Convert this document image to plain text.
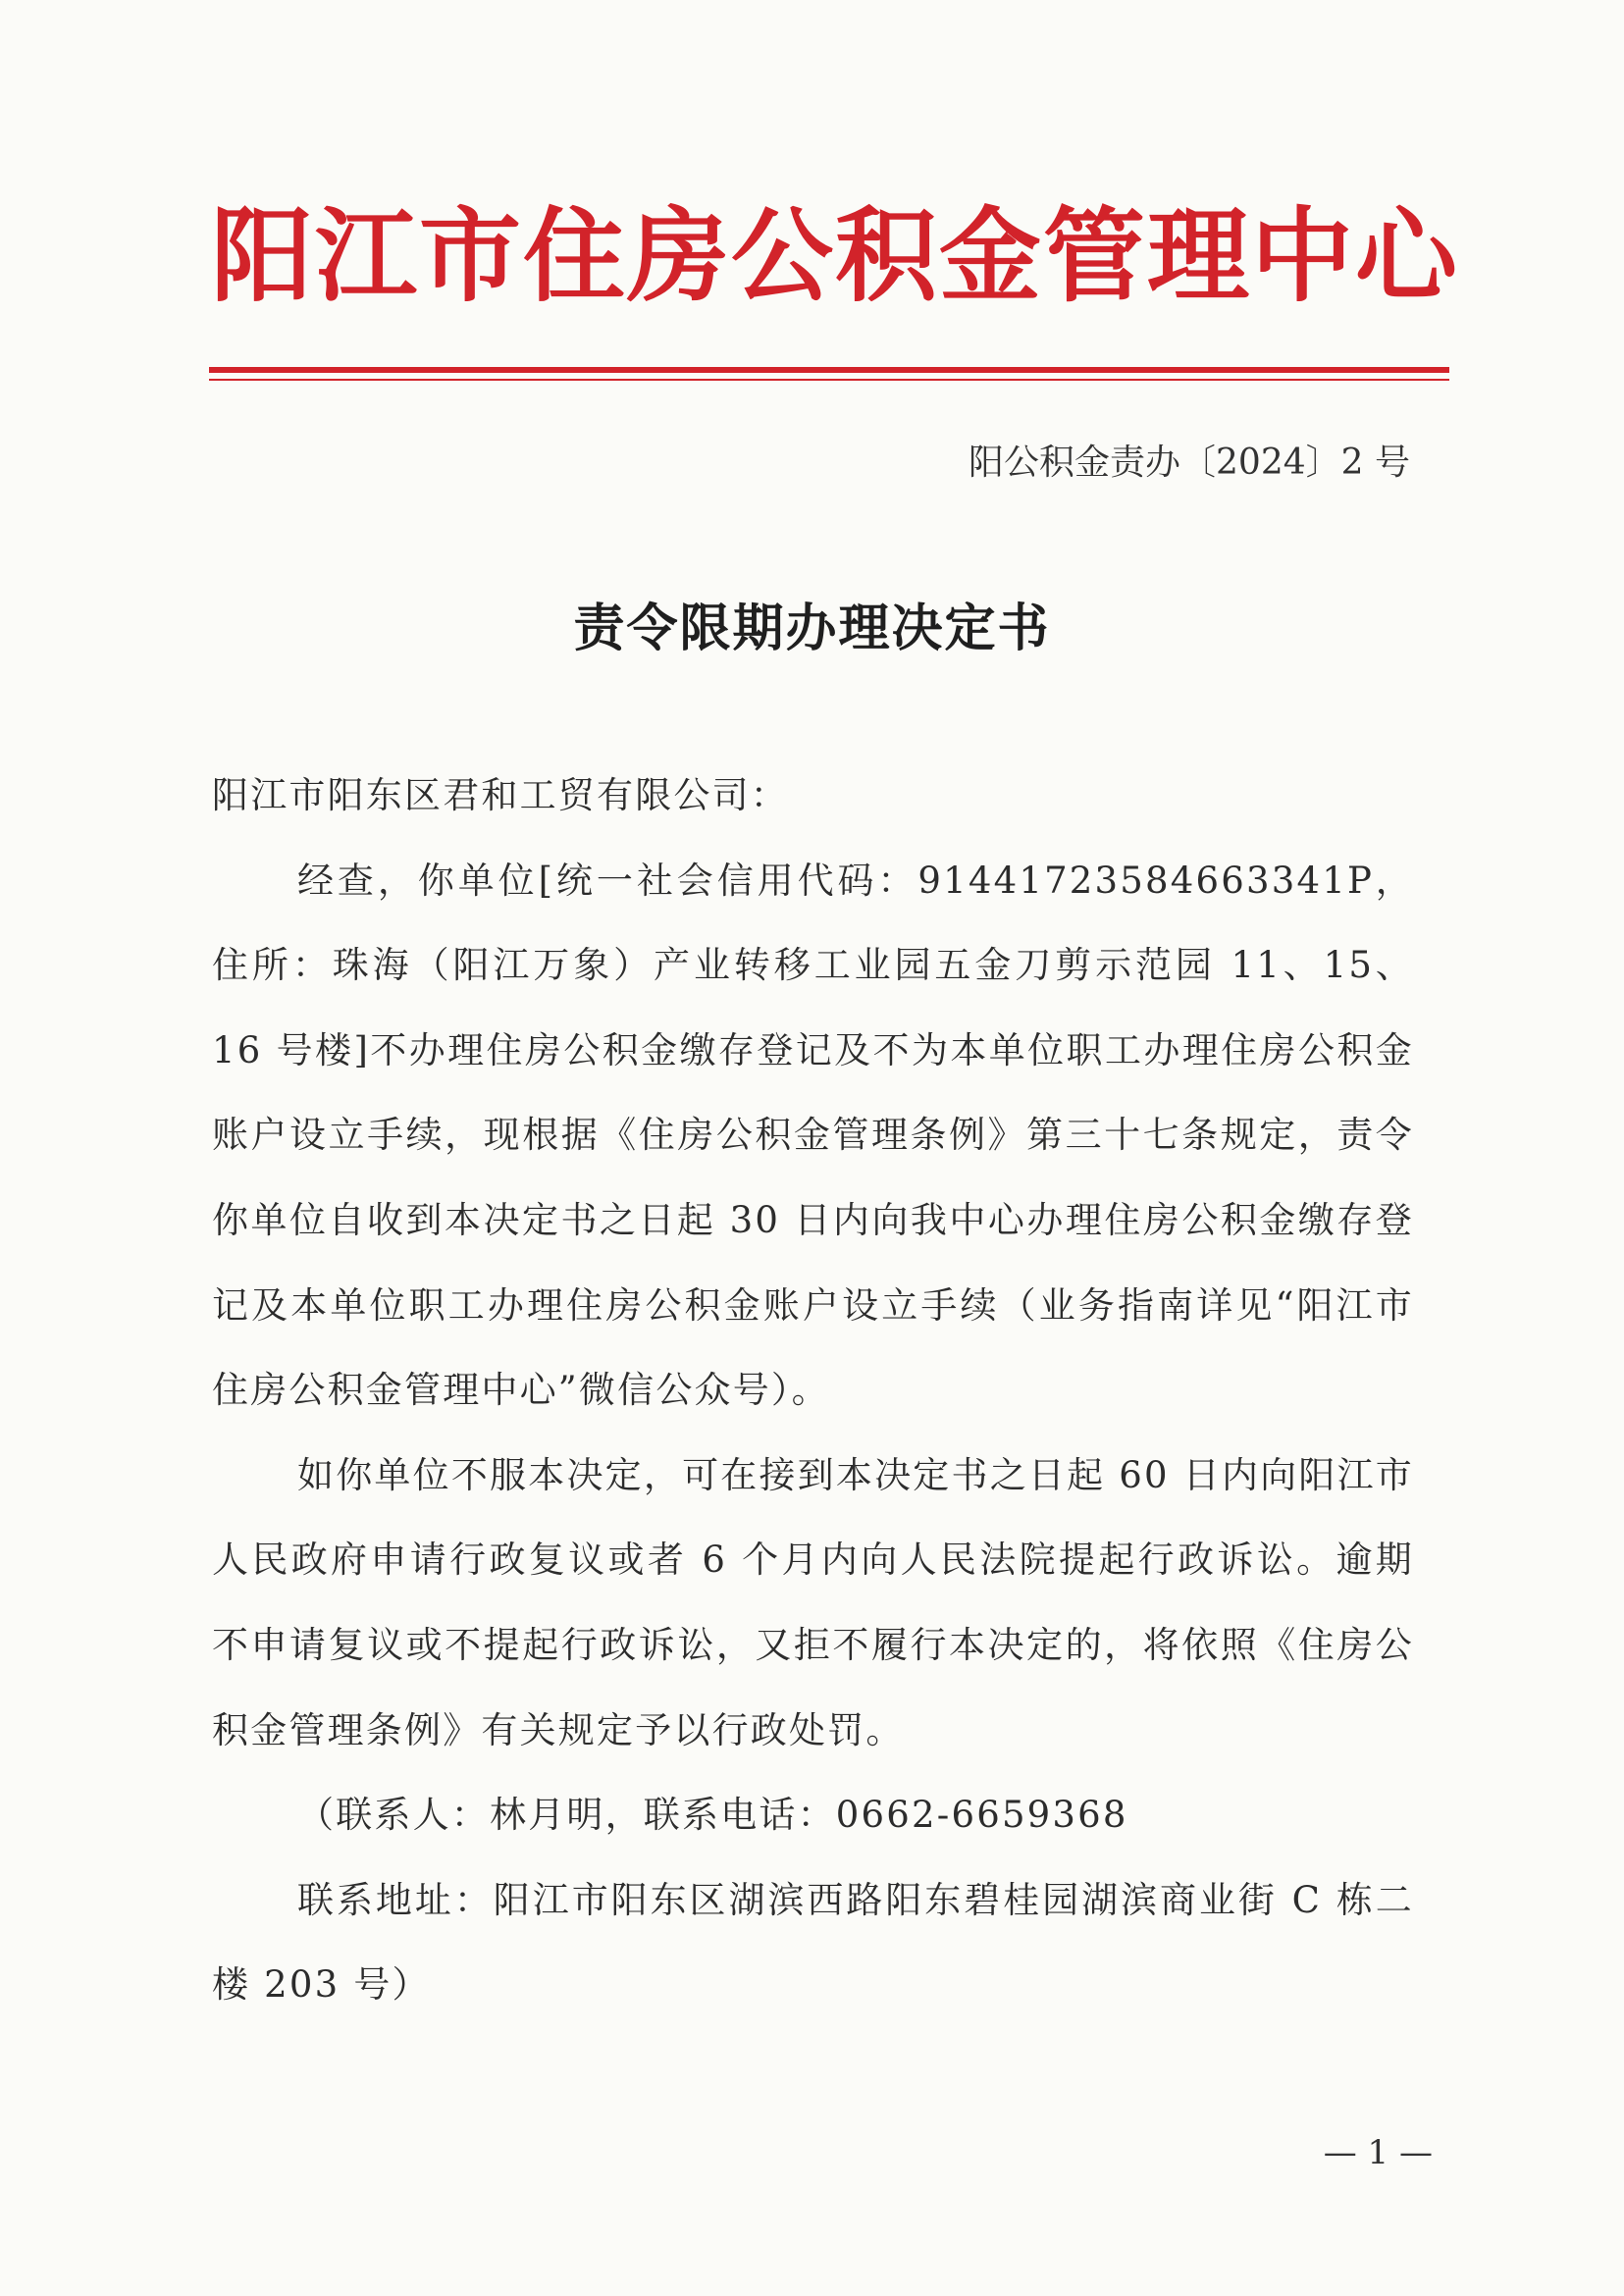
阳江市住房公积金管理中心
阳公积金责办〔2024〕2 号
责令限期办理决定书

阳江市阳东区君和工贸有限公司：

经查，你单位[统一社会信用代码：91441723584663341P，住所：珠海（阳江万象）产业转移工业园五金刀剪示范园 11、15、16 号楼]不办理住房公积金缴存登记及不为本单位职工办理住房公积金账户设立手续，现根据《住房公积金管理条例》第三十七条规定，责令你单位自收到本决定书之日起 30 日内向我中心办理住房公积金缴存登记及本单位职工办理住房公积金账户设立手续（业务指南详见“阳江市住房公积金管理中心”微信公众号）。

如你单位不服本决定，可在接到本决定书之日起 60 日内向阳江市人民政府申请行政复议或者 6 个月内向人民法院提起行政诉讼。逾期不申请复议或不提起行政诉讼，又拒不履行本决定的，将依照《住房公积金管理条例》有关规定予以行政处罚。

（联系人：林月明，联系电话：0662-6659368

联系地址：阳江市阳东区湖滨西路阳东碧桂园湖滨商业街 C 栋二楼 203 号）

— 1 —
